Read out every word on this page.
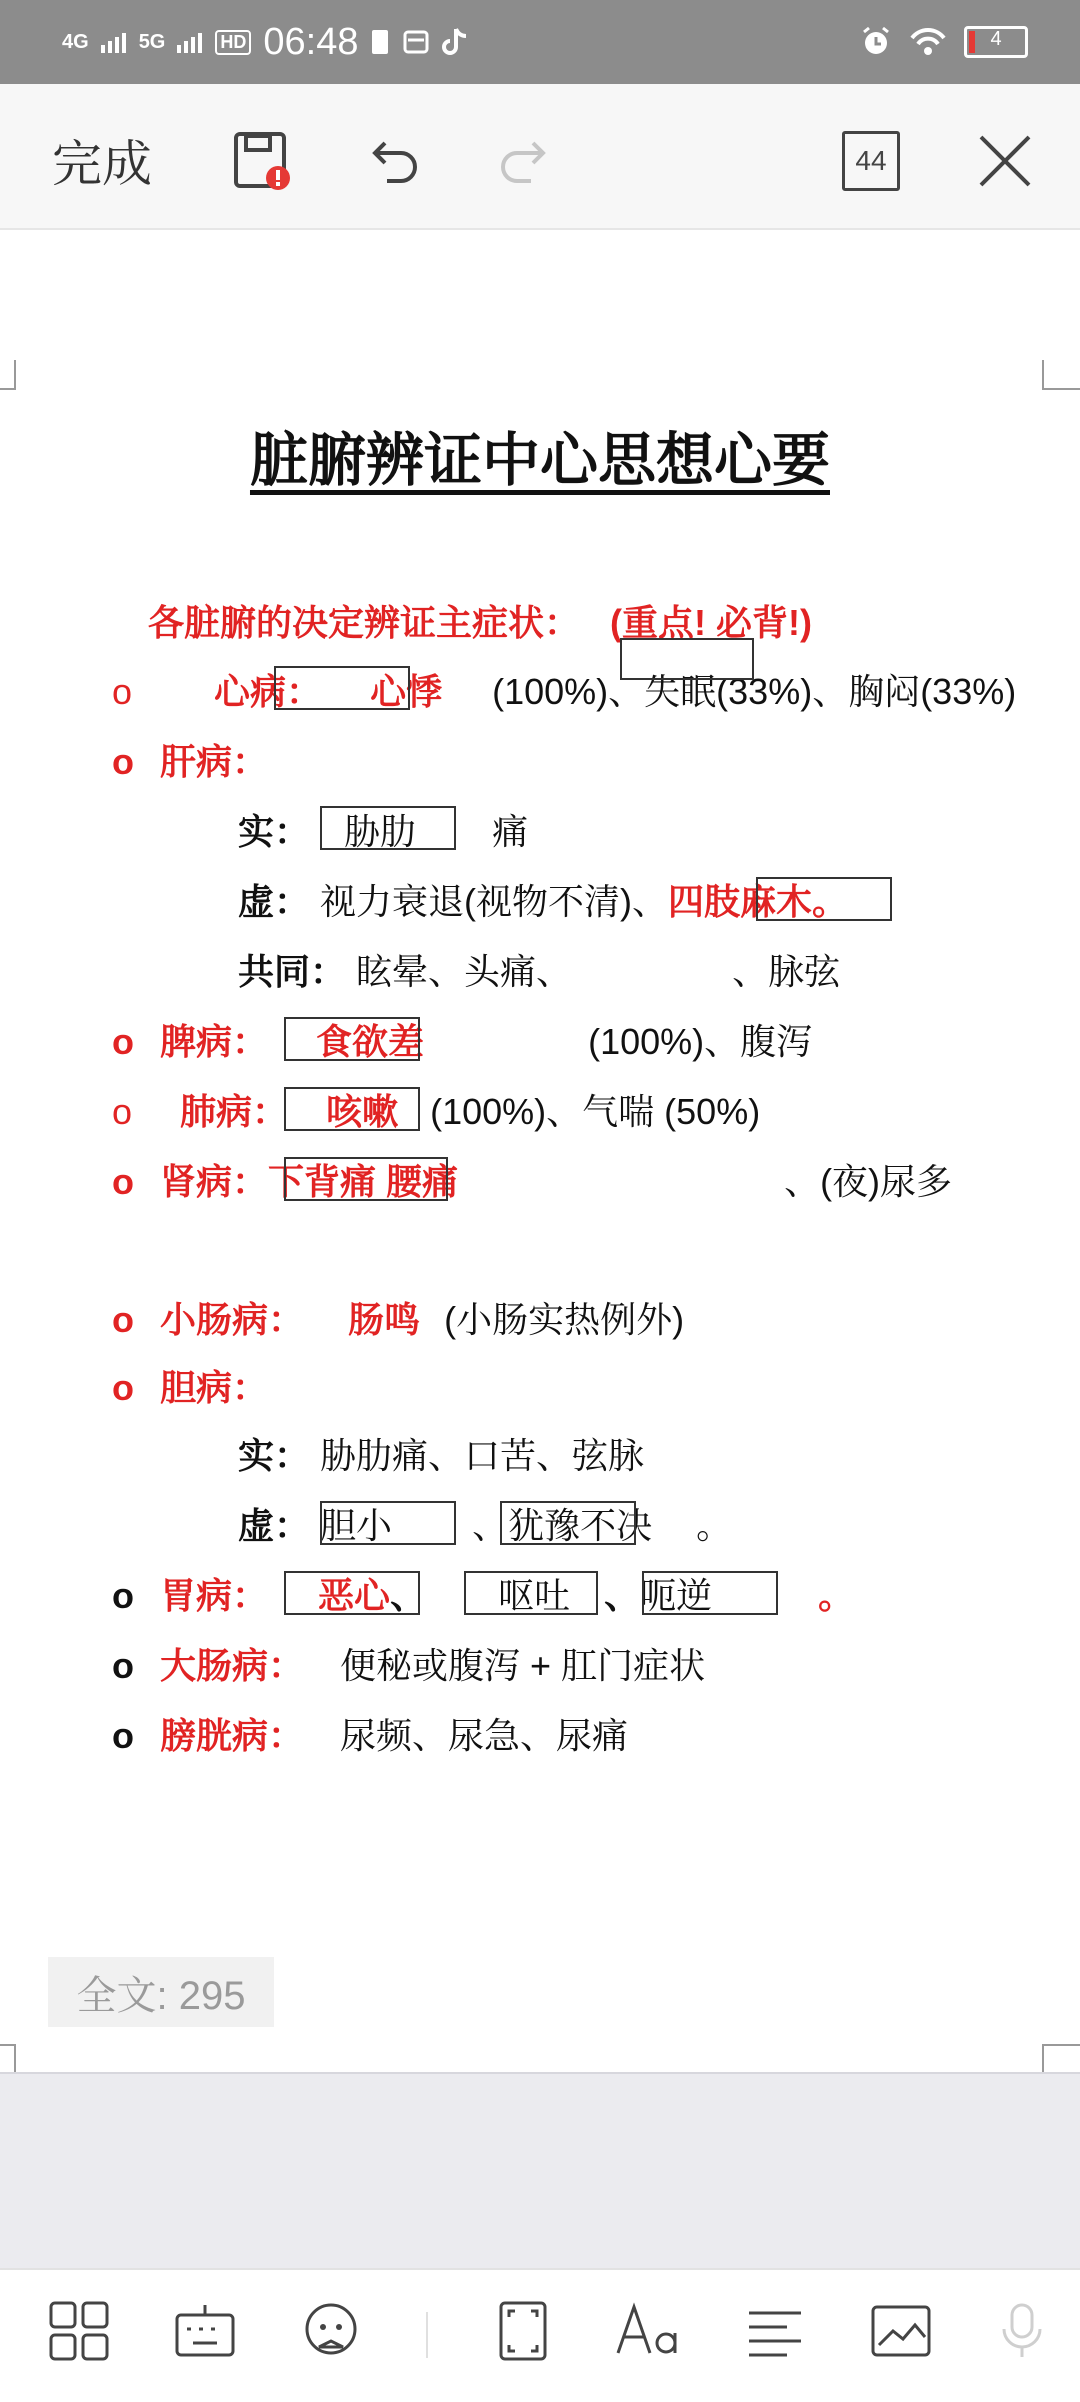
4G	5G	HD 06:48	4
完成	44
脏腑辨证中心思想心要
各脏腑的决定辨证主症状： (重点! 必背!)
o 心病： 心悸 (100%)、失眠(33%)、胸闷(33%)
o 肝病：
实： 胁肋 痛
虚： 视力衰退(视物不清)、四肢麻木。
共同： 眩晕、头痛、	、脉弦
o 脾病： 食欲差	(100%)、腹泻
o 肺病： 咳嗽 (100%)、气喘 (50%)
o 肾病：下背痛 腰痛	、(夜)尿多
o 小肠病： 肠鸣 (小肠实热例外)
o 胆病：
实： 胁肋痛、口苦、弦脉
虚： 胆小 、犹豫不决 。
o 胃病： 恶心、 呕吐 、呃逆	。
o 大肠病： 便秘或腹泻 + 肛门症状
o 膀胱病： 尿频、尿急、尿痛
全文: 295
